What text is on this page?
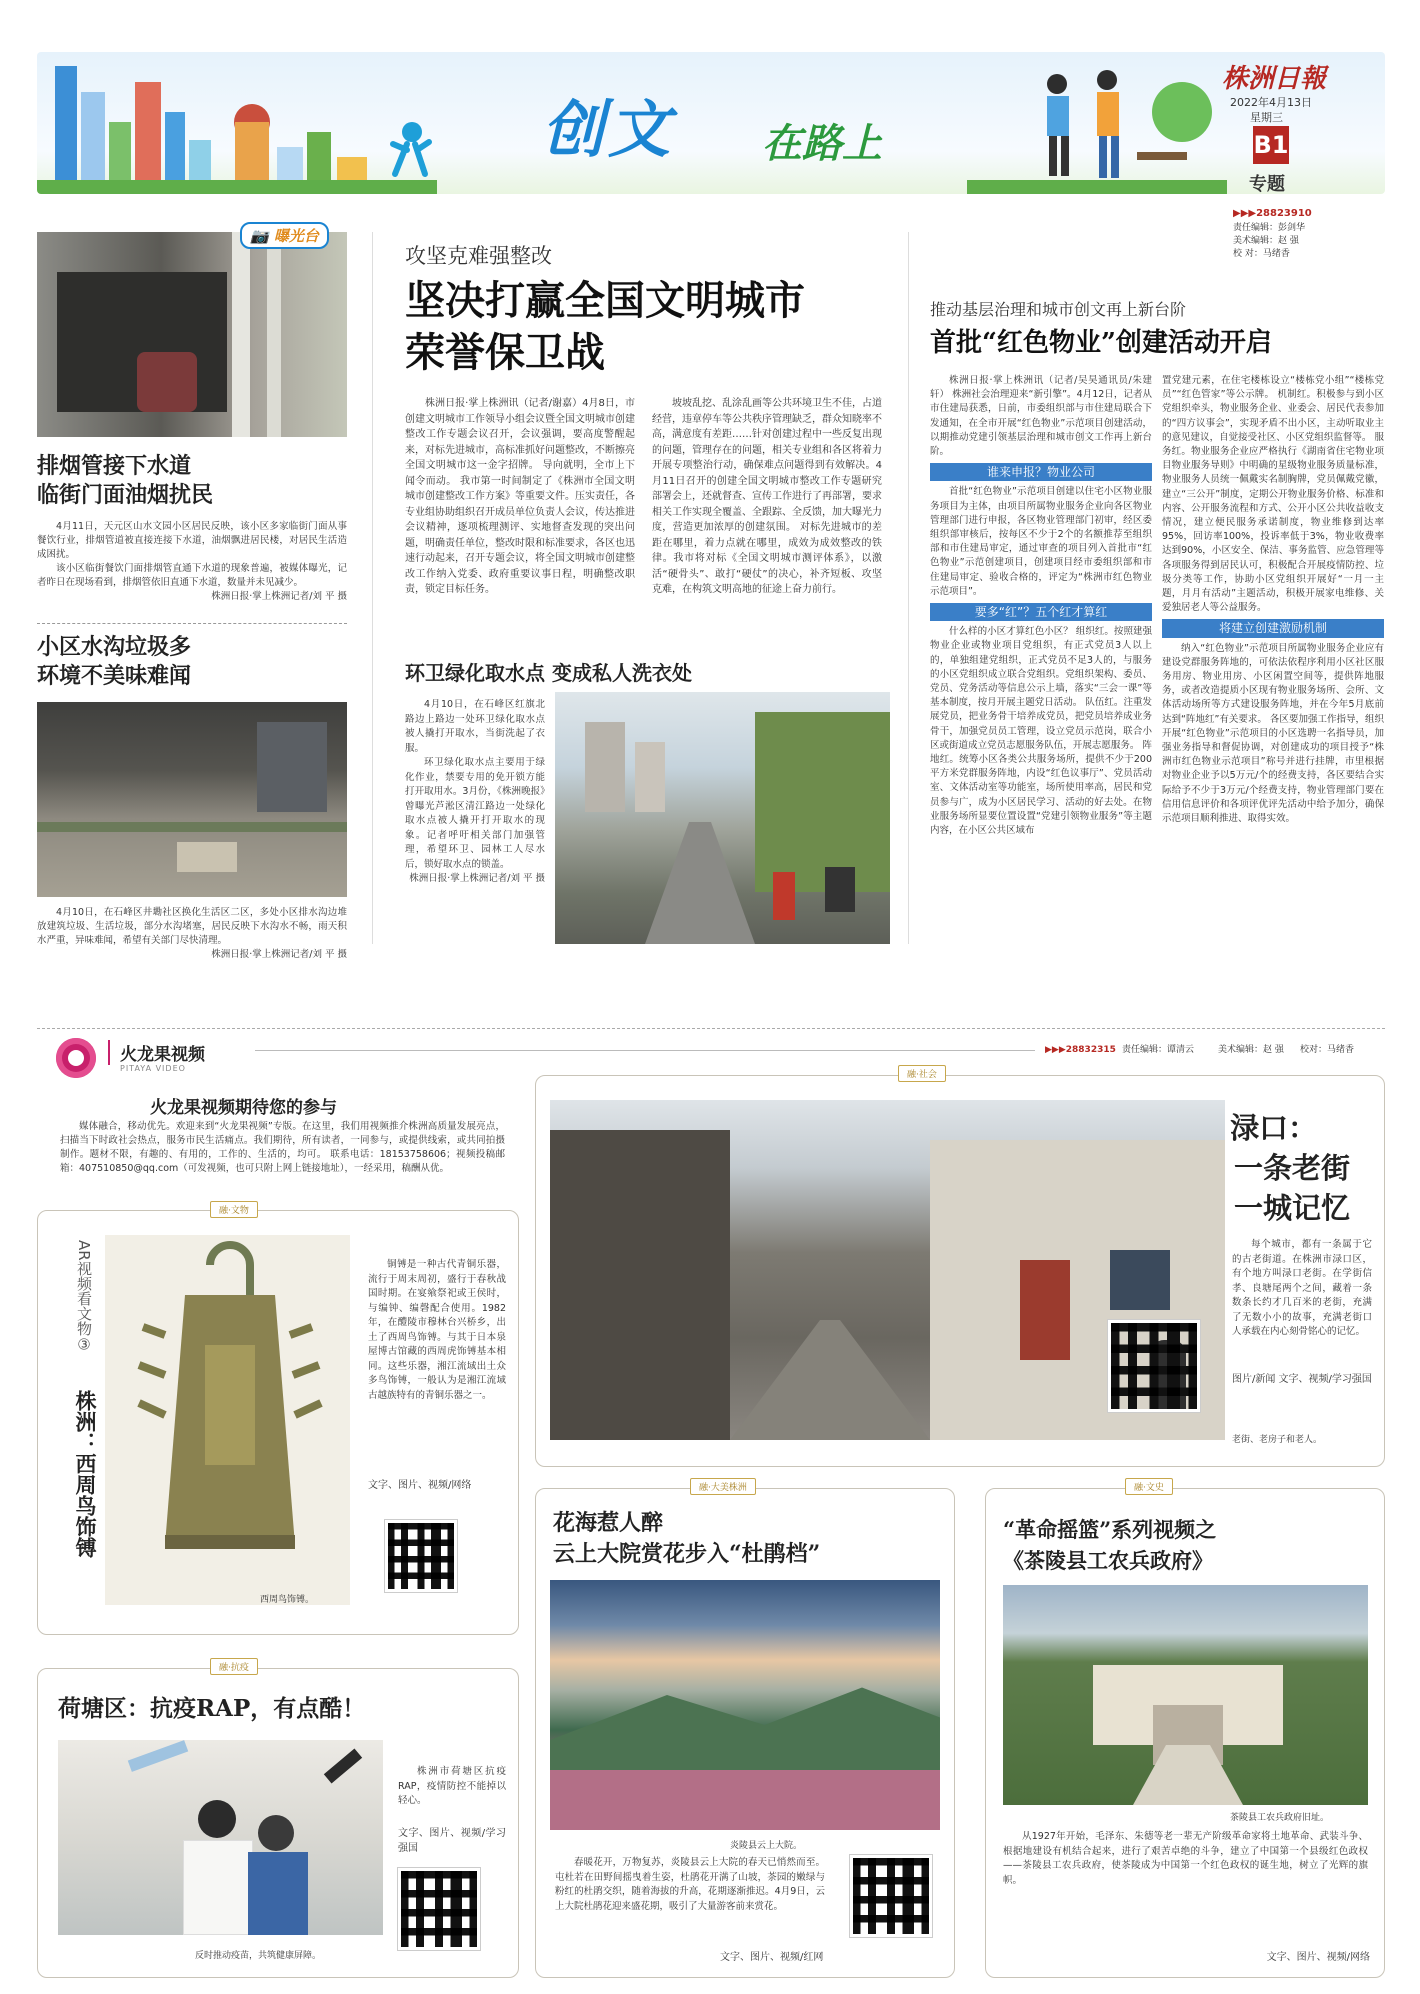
创文 在路上
株洲日報
2022年4月13日
星期三
B1
专题
▶▶▶28823910
责任编辑：彭剑华
美术编辑：赵 强
校 对：马绪香
📷 曝光台
排烟管接下水道
临街门面油烟扰民

4月11日，天元区山水文园小区居民反映，该小区多家临街门面从事餐饮行业，排烟管道被直接连接下水道，油烟飘进居民楼，对居民生活造成困扰。

该小区临街餐饮门面排烟管直通下水道的现象普遍，被媒体曝光，记者昨日在现场看到，排烟管依旧直通下水道，数量并未见减少。

株洲日报·掌上株洲记者/刘 平 摄

小区水沟垃圾多
环境不美味难闻

4月10日，在石峰区井墈社区换化生活区二区，多处小区排水沟边堆放建筑垃圾、生活垃圾，部分水沟堵塞，居民反映下水沟水不畅，雨天积水严重，异味难闻，希望有关部门尽快清理。

株洲日报·掌上株洲记者/刘 平 摄

攻坚克难强整改
坚决打赢全国文明城市
荣誉保卫战
株洲日报·掌上株洲讯（记者/谢嘉）4月8日，市创建文明城市工作领导小组会议暨全国文明城市创建整改工作专题会议召开，会议强调，要高度警醒起来，对标先进城市，高标准抓好问题整改，不断擦亮全国文明城市这一金字招牌。 导向就明，全市上下闻令而动。 我市第一时间制定了《株洲市全国文明城市创建整改工作方案》等重要文件。压实责任，各专业组协助组织召开成员单位负责人会议，传达推进会议精神，逐项梳理测评、实地督查发现的突出问题，明确责任单位，整改时限和标准要求，各区也迅速行动起来，召开专题会议，将全国文明城市创建整改工作纳入党委、政府重要议事日程，明确整改职责，锁定目标任务。
坡坡乱挖、乱涂乱画等公共环境卫生不佳，占道经营，违章停车等公共秩序管理缺乏，群众知晓率不高，满意度有差距……针对创建过程中一些反复出现的问题，管理存在的问题，相关专业组和各区将着力开展专项整治行动，确保难点问题得到有效解决。4月11日召开的创建全国文明城市整改工作专题研究部署会上，还就督查、宣传工作进行了再部署，要求相关工作实现全覆盖、全跟踪、全反馈，加大曝光力度，营造更加浓厚的创建氛围。 对标先进城市的差距在哪里，着力点就在哪里，成效为成效整改的铁律。我市将对标《全国文明城市测评体系》，以激活“硬骨头”、敢打“硬仗”的决心，补齐短板、攻坚克难，在构筑文明高地的征途上奋力前行。
环卫绿化取水点 变成私人洗衣处

4月10日，在石峰区红旗北路边上路边一处环卫绿化取水点被人撬打开取水，当街洗起了衣服。

环卫绿化取水点主要用于绿化作业，禁要专用的免开锁方能打开取用水。3月份，《株洲晚报》曾曝光芦淞区清江路边一处绿化取水点被人撬开打开取水的现象。记者呼吁相关部门加强管理，希望环卫、园林工人尽水后，锁好取水点的锁盖。

株洲日报·掌上株洲记者/刘 平 摄

推动基层治理和城市创文再上新台阶
首批“红色物业”创建活动开启

株洲日报·掌上株洲讯（记者/吴昊通讯员/朱建轩） 株洲社会治理迎来“新引擎”。4月12日，记者从市住建局获悉，日前，市委组织部与市住建局联合下发通知，在全市开展“红色物业”示范项目创建活动，以期推动党建引领基层治理和城市创文工作再上新台阶。

谁来申报？物业公司

首批“红色物业”示范项目创建以住宅小区物业服务项目为主体，由项目所属物业服务企业向各区物业管理部门进行申报，各区物业管理部门初审，经区委组织部审核后，按每区不少于2个的名额推荐至组织部和市住建局审定，通过审查的项目列入首批市“红色物业”示范创建项目，创建项目经市委组织部和市住建局审定、验收合格的，评定为“株洲市红色物业示范项目”。

要多“红”？五个红才算红

什么样的小区才算红色小区？ 组织红。按照建强物业企业或物业项目党组织，有正式党员3人以上的，单独组建党组织，正式党员不足3人的，与服务的小区党组织成立联合党组织。党组织架构、委员、党员、党务活动等信息公示上墙，落实“三会一课”等基本制度，按月开展主题党日活动。 队伍红。注重发展党员，把业务骨干培养成党员，把党员培养成业务骨干，加强党员员工管理，设立党员示范岗，联合小区或街道成立党员志愿服务队伍，开展志愿服务。 阵地红。统筹小区各类公共服务场所，提供不少于200平方米党群服务阵地，内设“红色议事厅”、党员活动室、文体活动室等功能室，场所使用率高，居民和党员参与广，成为小区居民学习、活动的好去处。在物业服务场所显要位置设置“党建引领物业服务”等主题内容，在小区公共区域布

置党建元素，在住宅楼栋设立“楼栋党小组”“楼栋党员”“红色管家”等公示牌。 机制红。积极参与到小区党组织牵头，物业服务企业、业委会、居民代表参加的“四方议事会”，实现矛盾不出小区，主动听取业主的意见建议，自觉接受社区、小区党组织监督等。 服务红。物业服务企业应严格执行《湖南省住宅物业项目物业服务导则》中明确的星级物业服务质量标准，物业服务人员统一佩戴实名制胸牌，党员佩戴党徽，建立“三公开”制度，定期公开物业服务价格、标准和内容、公开服务流程和方式、公开小区公共收益收支情况，建立便民服务承诺制度，物业维修到达率95%，回访率100%，投诉率低于3%，物业收费率达到90%，小区安全、保洁、事务监管、应急管理等各项服务得到居民认可，积极配合开展疫情防控、垃圾分类等工作，协助小区党组织开展好“一月一主题，月月有活动”主题活动，积极开展家电维修、关爱独居老人等公益服务。

将建立创建激励机制

纳入“红色物业”示范项目所属物业服务企业应有建设党群服务阵地的，可依法依程序利用小区社区服务用房、物业用房、小区闲置空间等，提供阵地服务，或者改造提质小区现有物业服务场所、会所、文体活动场所等方式建设服务阵地，并在今年5月底前达到“阵地红”有关要求。 各区要加强工作指导，组织开展“红色物业”示范项目的小区选聘一名指导员，加强业务指导和督促协调，对创建成功的项目授予“株洲市红色物业示范项目”称号并进行挂牌，市里根据对物业企业予以5万元/个的经费支持，各区要结合实际给予不少于3万元/个经费支持，物业管理部门要在信用信息评价和各项评优评先活动中给予加分，确保示范项目顺利推进、取得实效。

火龙果视频
PITAYA VIDEO
▶▶▶28832315 责任编辑：谭清云	美术编辑：赵 强 校对：马绪香
火龙果视频期待您的参与
媒体融合，移动优先。欢迎来到“火龙果视频”专版。在这里，我们用视频推介株洲高质量发展亮点，扫描当下时政社会热点，服务市民生活痛点。我们期待，所有读者，一同参与，或提供线索，或共同拍摄制作。题材不限，有趣的、有用的，工作的、生活的，均可。 联系电话：18153758606；视频投稿邮箱：407510850@qq.com（可发视频，也可只附上网上链接地址），一经采用，稿酬从优。
融·文物
AR视频看文物③
株洲：西周鸟饰镈
西周鸟饰镈。
铜镈是一种古代青铜乐器，流行于周末周初，盛行于春秋战国时期。在宴飨祭祀或王侯时，与编钟、编磬配合使用。1982年，在醴陵市穆林台兴桥乡，出土了西周鸟饰镈。与其于日本泉屋博古馆藏的西周虎饰镈基本相同。这些乐器，湘江流域出土众多鸟饰镈，一般认为是湘江流域古越族特有的青铜乐器之一。
文字、图片、视频/网络
融·社会
渌口：
一条老街
一城记忆
每个城市，都有一条属于它的古老街道。在株洲市渌口区，有个地方叫渌口老街。在学街信孝、良塘尾两个之间，藏着一条数条长约才几百米的老街，充满了无数小小的故事，充满老街口人承载在内心刻骨铭心的记忆。
图片/新闻 文字、视频/学习强国
老街、老房子和老人。
融·大美株洲
花海惹人醉
云上大院赏花步入“杜鹃档”
炎陵县云上大院。
春暖花开，万物复苏，炎陵县云上大院的春天已悄然而至。屯杜若在田野间摇曳着生姿，杜鹃花开满了山坡，茶园的嫩绿与粉红的杜鹃交织，随着海拔的升高，花期逐渐推迟。4月9日，云上大院杜鹃花迎来盛花期，吸引了大量游客前来赏花。
文字、图片、视频/红网
融·文史
“革命摇篮”系列视频之
《茶陵县工农兵政府》
茶陵县工农兵政府旧址。
从1927年开始，毛泽东、朱德等老一辈无产阶级革命家将土地革命、武装斗争、根据地建设有机结合起来，进行了艰苦卓绝的斗争，建立了中国第一个县级红色政权——茶陵县工农兵政府，使茶陵成为中国第一个红色政权的诞生地，树立了光辉的旗帜。
文字、图片、视频/网络
融·抗疫
荷塘区：抗疫RAP，有点酷！
株洲市荷塘区抗疫RAP，疫情防控不能掉以轻心。
文字、图片、视频/学习强国
反时推动疫苗，共筑健康屏障。
